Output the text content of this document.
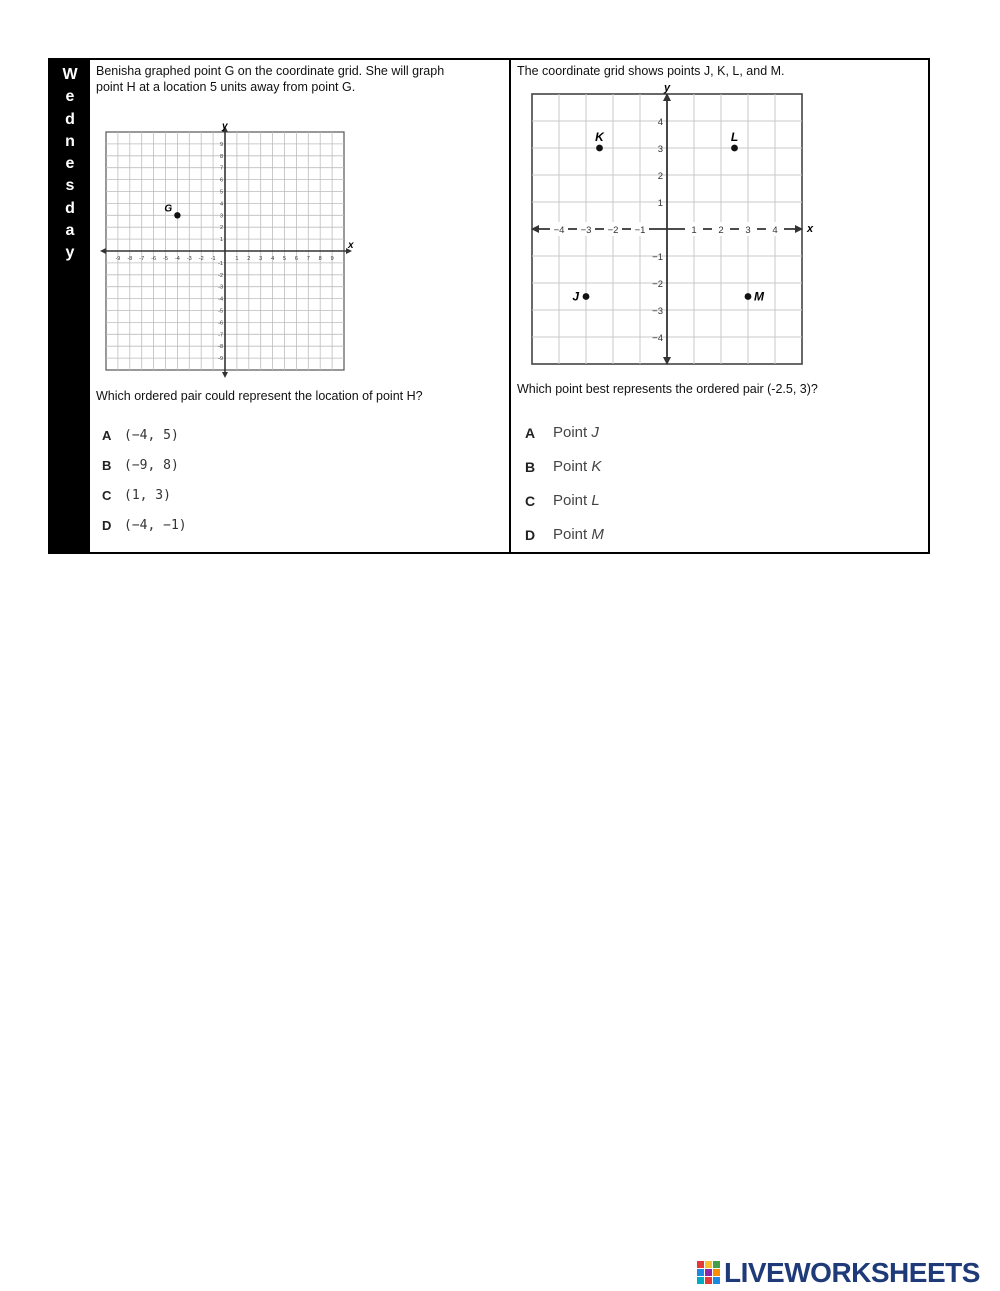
W
e
d
n
e
s
d
a
y
Benisha graphed point G on the coordinate grid. She will graph
point H at a location 5 units away from point G.
x
y
-9 -8 -7 -6 -5 -4 -3 -2 -1	1 2 3 4 5 6 7 8 9
9
8
7
6
5
4
3
2
1
-1
-2
-3
-4
-5
-6
-7
-8
-9
G
Which ordered pair could represent the location of point H?
A (−4, 5)
B (−9, 8)
C (1, 3)
D (−4, −1)
The coordinate grid shows points J, K, L, and M.
x
y
−4 −3 −2 −1	1 2 3 4
4
3
2
1
−1
−2
−3
−4
K	L
J	M
Which point best represents the ordered pair (-2.5, 3)?
A	Point J
B	Point K
C	Point L
D	Point M
LIVEWORKSHEETS
